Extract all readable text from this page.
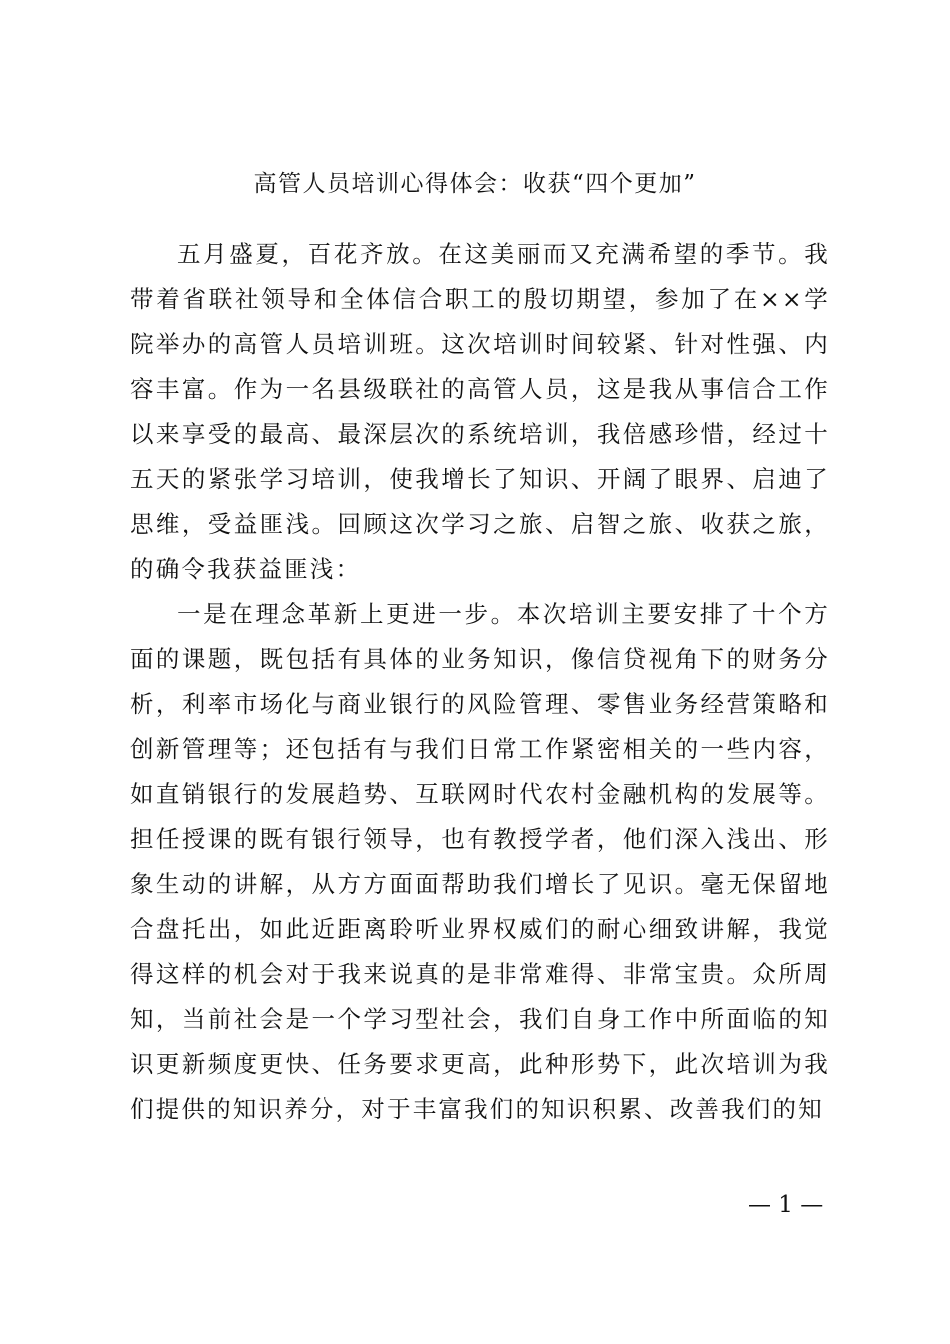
高管人员培训心得体会：收获“四个更加”

五月盛夏，百花齐放。在这美丽而又充满希望的季节。我带着省联社领导和全体信合职工的殷切期望，参加了在××学院举办的高管人员培训班。这次培训时间较紧、针对性强、内容丰富。作为一名县级联社的高管人员，这是我从事信合工作以来享受的最高、最深层次的系统培训，我倍感珍惜，经过十五天的紧张学习培训，使我增长了知识、开阔了眼界、启迪了思维，受益匪浅。回顾这次学习之旅、启智之旅、收获之旅，的确令我获益匪浅：

一是在理念革新上更进一步。本次培训主要安排了十个方面的课题，既包括有具体的业务知识，像信贷视角下的财务分析，利率市场化与商业银行的风险管理、零售业务经营策略和创新管理等；还包括有与我们日常工作紧密相关的一些内容，如直销银行的发展趋势、互联网时代农村金融机构的发展等。担任授课的既有银行领导，也有教授学者，他们深入浅出、形象生动的讲解，从方方面面帮助我们增长了见识。毫无保留地合盘托出，如此近距离聆听业界权威们的耐心细致讲解，我觉得这样的机会对于我来说真的是非常难得、非常宝贵。众所周知，当前社会是一个学习型社会，我们自身工作中所面临的知识更新频度更快、任务要求更高，此种形势下，此次培训为我们提供的知识养分，对于丰富我们的知识积累、改善我们的知

— 1 —
